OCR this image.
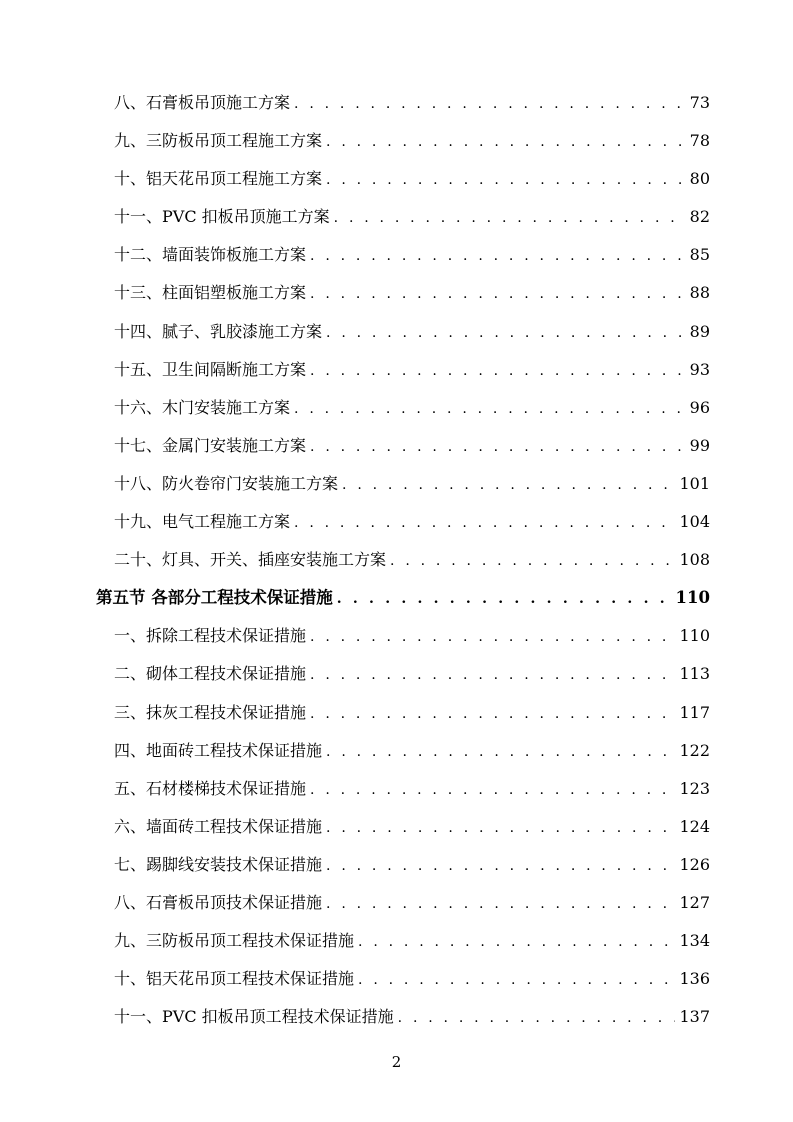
八、石膏板吊顶施工方案 . . .	73
九、三防板吊顶工程施工方案 . . .	78
十、铝天花吊顶工程施工方案 . . .	80
十一、PVC 扣板吊顶施工方案 . . .	82
十二、墙面装饰板施工方案 . . .	85
十三、柱面铝塑板施工方案 . . .	88
十四、腻子、乳胶漆施工方案 . . .	89
十五、卫生间隔断施工方案 . . .	93
十六、木门安装施工方案 . . .	96
十七、金属门安装施工方案 . . .	99
十八、防火卷帘门安装施工方案 . . .	101
十九、电气工程施工方案 . . .	104
二十、灯具、开关、插座安装施工方案 . . .	108
第五节 各部分工程技术保证措施 . . .	110
一、拆除工程技术保证措施 . . .	110
二、砌体工程技术保证措施 . . .	113
三、抹灰工程技术保证措施 . . .	117
四、地面砖工程技术保证措施 . . .	122
五、石材楼梯技术保证措施 . . .	123
六、墙面砖工程技术保证措施 . . .	124
七、踢脚线安装技术保证措施 . . .	126
八、石膏板吊顶技术保证措施 . . .	127
九、三防板吊顶工程技术保证措施 . . .	134
十、铝天花吊顶工程技术保证措施 . . .	136
十一、PVC 扣板吊顶工程技术保证措施 . . .	137
2
